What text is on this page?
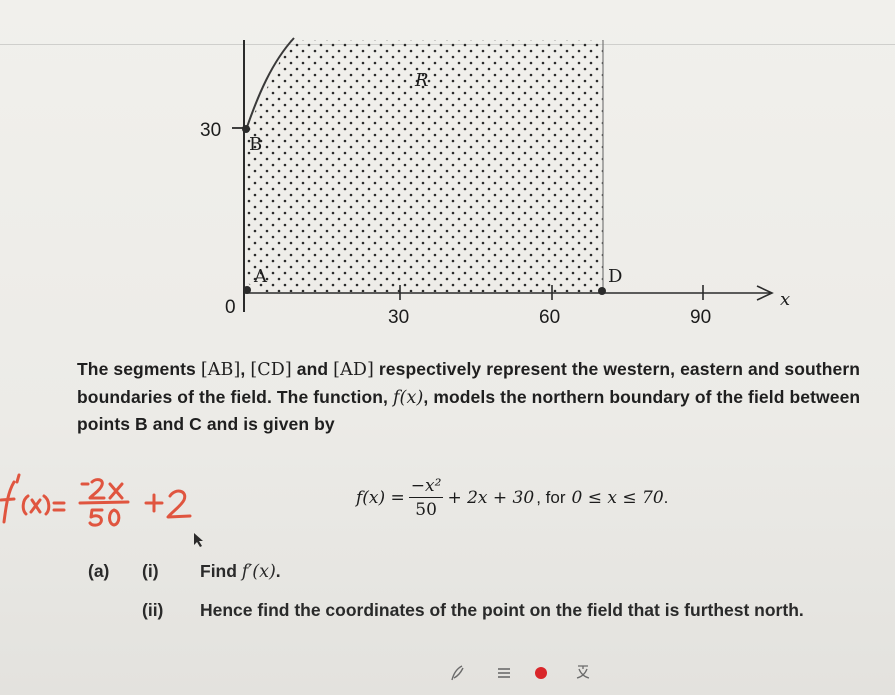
30
30	60	90
0	x
R
B
A	D
The segments [AB], [CD] and [AD] respectively represent the western, eastern and southern boundaries of the field. The function, f(x), models the northern boundary of the field between points B and C and is given by
$f(x) = \frac{\text{−x²}}{50} + 2x + 30$ , for 0 ≤ x ≤ 70 .
(a) (i) Find f′(x).
(ii) Hence find the coordinates of the point on the field that is furthest north.
